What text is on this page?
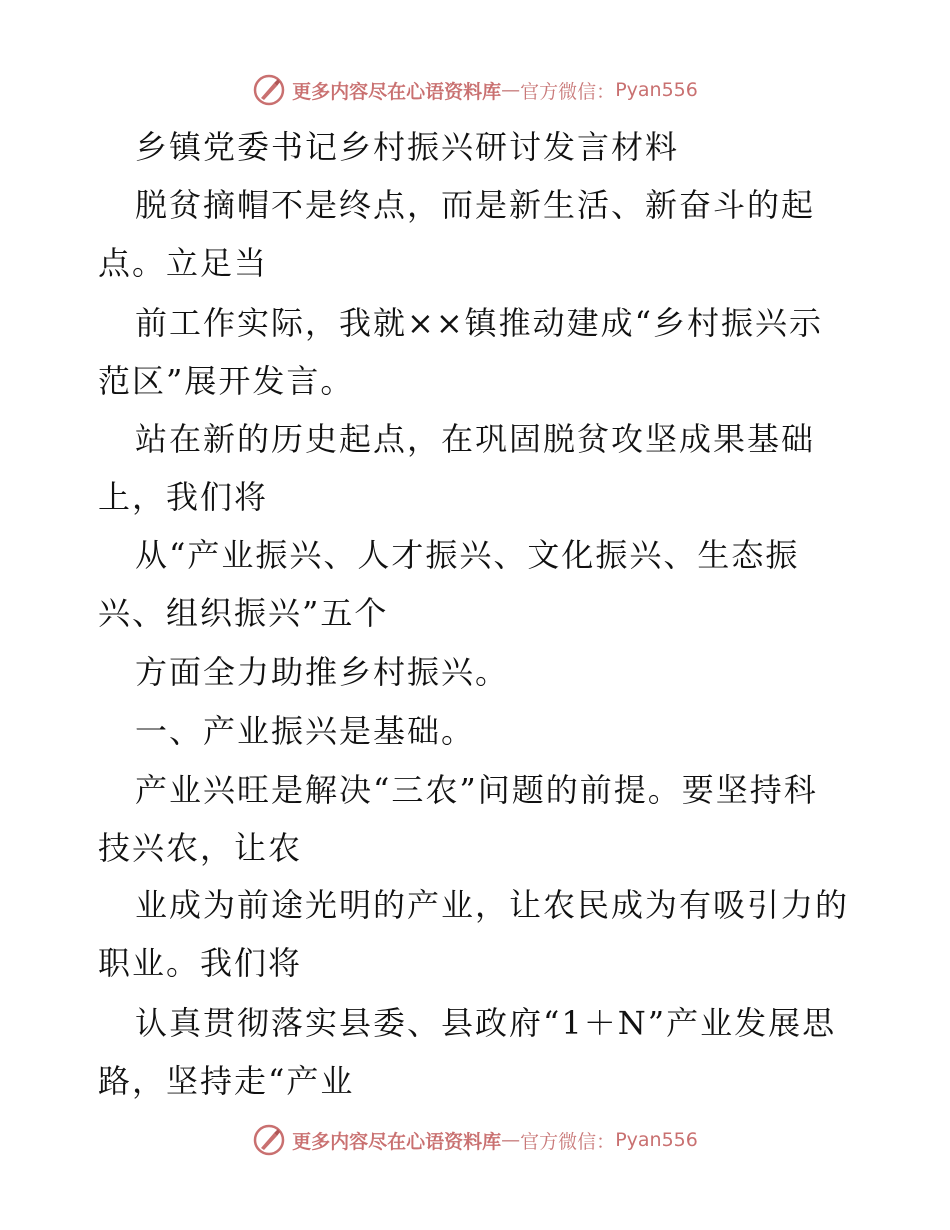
更多内容尽在心语资料库 — 官方微信： Pyan556
乡镇党委书记乡村振兴研讨发言材料
脱贫摘帽不是终点，而是新生活、新奋斗的起
点。立足当
前工作实际，我就××镇推动建成“乡村振兴示
范区”展开发言。
站在新的历史起点，在巩固脱贫攻坚成果基础
上，我们将
从“产业振兴、人才振兴、文化振兴、生态振
兴、组织振兴”五个
方面全力助推乡村振兴。
一、产业振兴是基础。
产业兴旺是解决“三农”问题的前提。要坚持科
技兴农，让农
业成为前途光明的产业，让农民成为有吸引力的
职业。我们将
认真贯彻落实县委、县政府“1＋N”产业发展思
路，坚持走“产业
更多内容尽在心语资料库 — 官方微信： Pyan556
